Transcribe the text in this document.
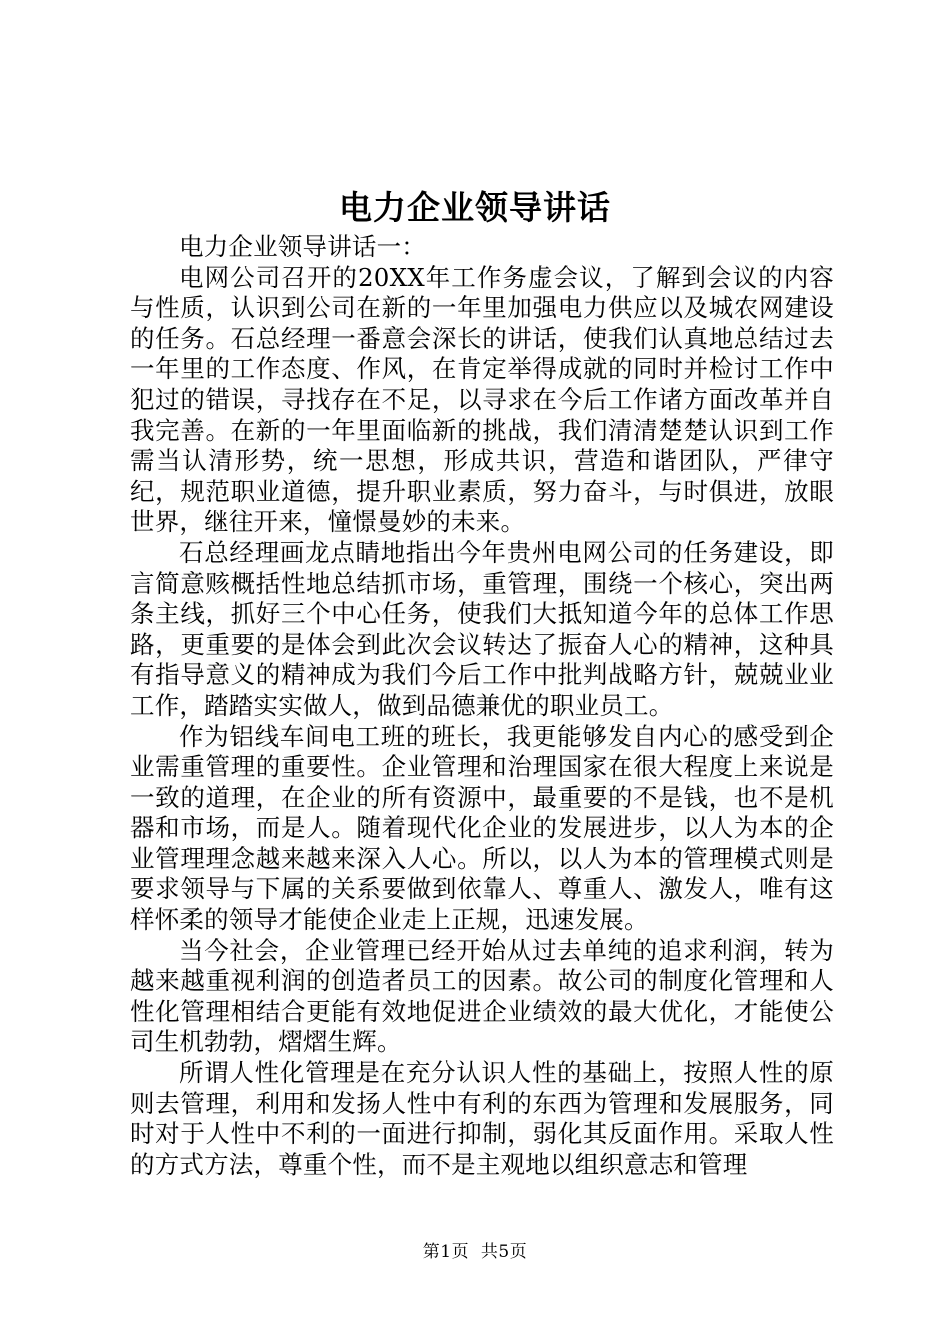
电力企业领导讲话

电力企业领导讲话一：

电网公司召开的20XX年工作务虚会议，了解到会议的内容与性质，认识到公司在新的一年里加强电力供应以及城农网建设的任务。石总经理一番意会深长的讲话，使我们认真地总结过去一年里的工作态度、作风，在肯定举得成就的同时并检讨工作中犯过的错误，寻找存在不足，以寻求在今后工作诸方面改革并自我完善。在新的一年里面临新的挑战，我们清清楚楚认识到工作需当认清形势，统一思想，形成共识，营造和谐团队，严律守纪，规范职业道德，提升职业素质，努力奋斗，与时俱进，放眼世界，继往开来，憧憬曼妙的未来。

石总经理画龙点睛地指出今年贵州电网公司的任务建设，即言简意赅概括性地总结抓市场，重管理，围绕一个核心，突出两条主线，抓好三个中心任务，使我们大抵知道今年的总体工作思路，更重要的是体会到此次会议转达了振奋人心的精神，这种具有指导意义的精神成为我们今后工作中批判战略方针，兢兢业业工作，踏踏实实做人，做到品德兼优的职业员工。

作为铝线车间电工班的班长，我更能够发自内心的感受到企业需重管理的重要性。企业管理和治理国家在很大程度上来说是一致的道理，在企业的所有资源中，最重要的不是钱，也不是机器和市场，而是人。随着现代化企业的发展进步，以人为本的企业管理理念越来越来深入人心。所以，以人为本的管理模式则是要求领导与下属的关系要做到依靠人、尊重人、激发人，唯有这样怀柔的领导才能使企业走上正规，迅速发展。

当今社会，企业管理已经开始从过去单纯的追求利润，转为越来越重视利润的创造者员工的因素。故公司的制度化管理和人性化管理相结合更能有效地促进企业绩效的最大优化，才能使公司生机勃勃，熠熠生辉。

所谓人性化管理是在充分认识人性的基础上，按照人性的原则去管理，利用和发扬人性中有利的东西为管理和发展服务，同时对于人性中不利的一面进行抑制，弱化其反面作用。采取人性的方式方法，尊重个性，而不是主观地以组织意志和管理

第1页  共5页
